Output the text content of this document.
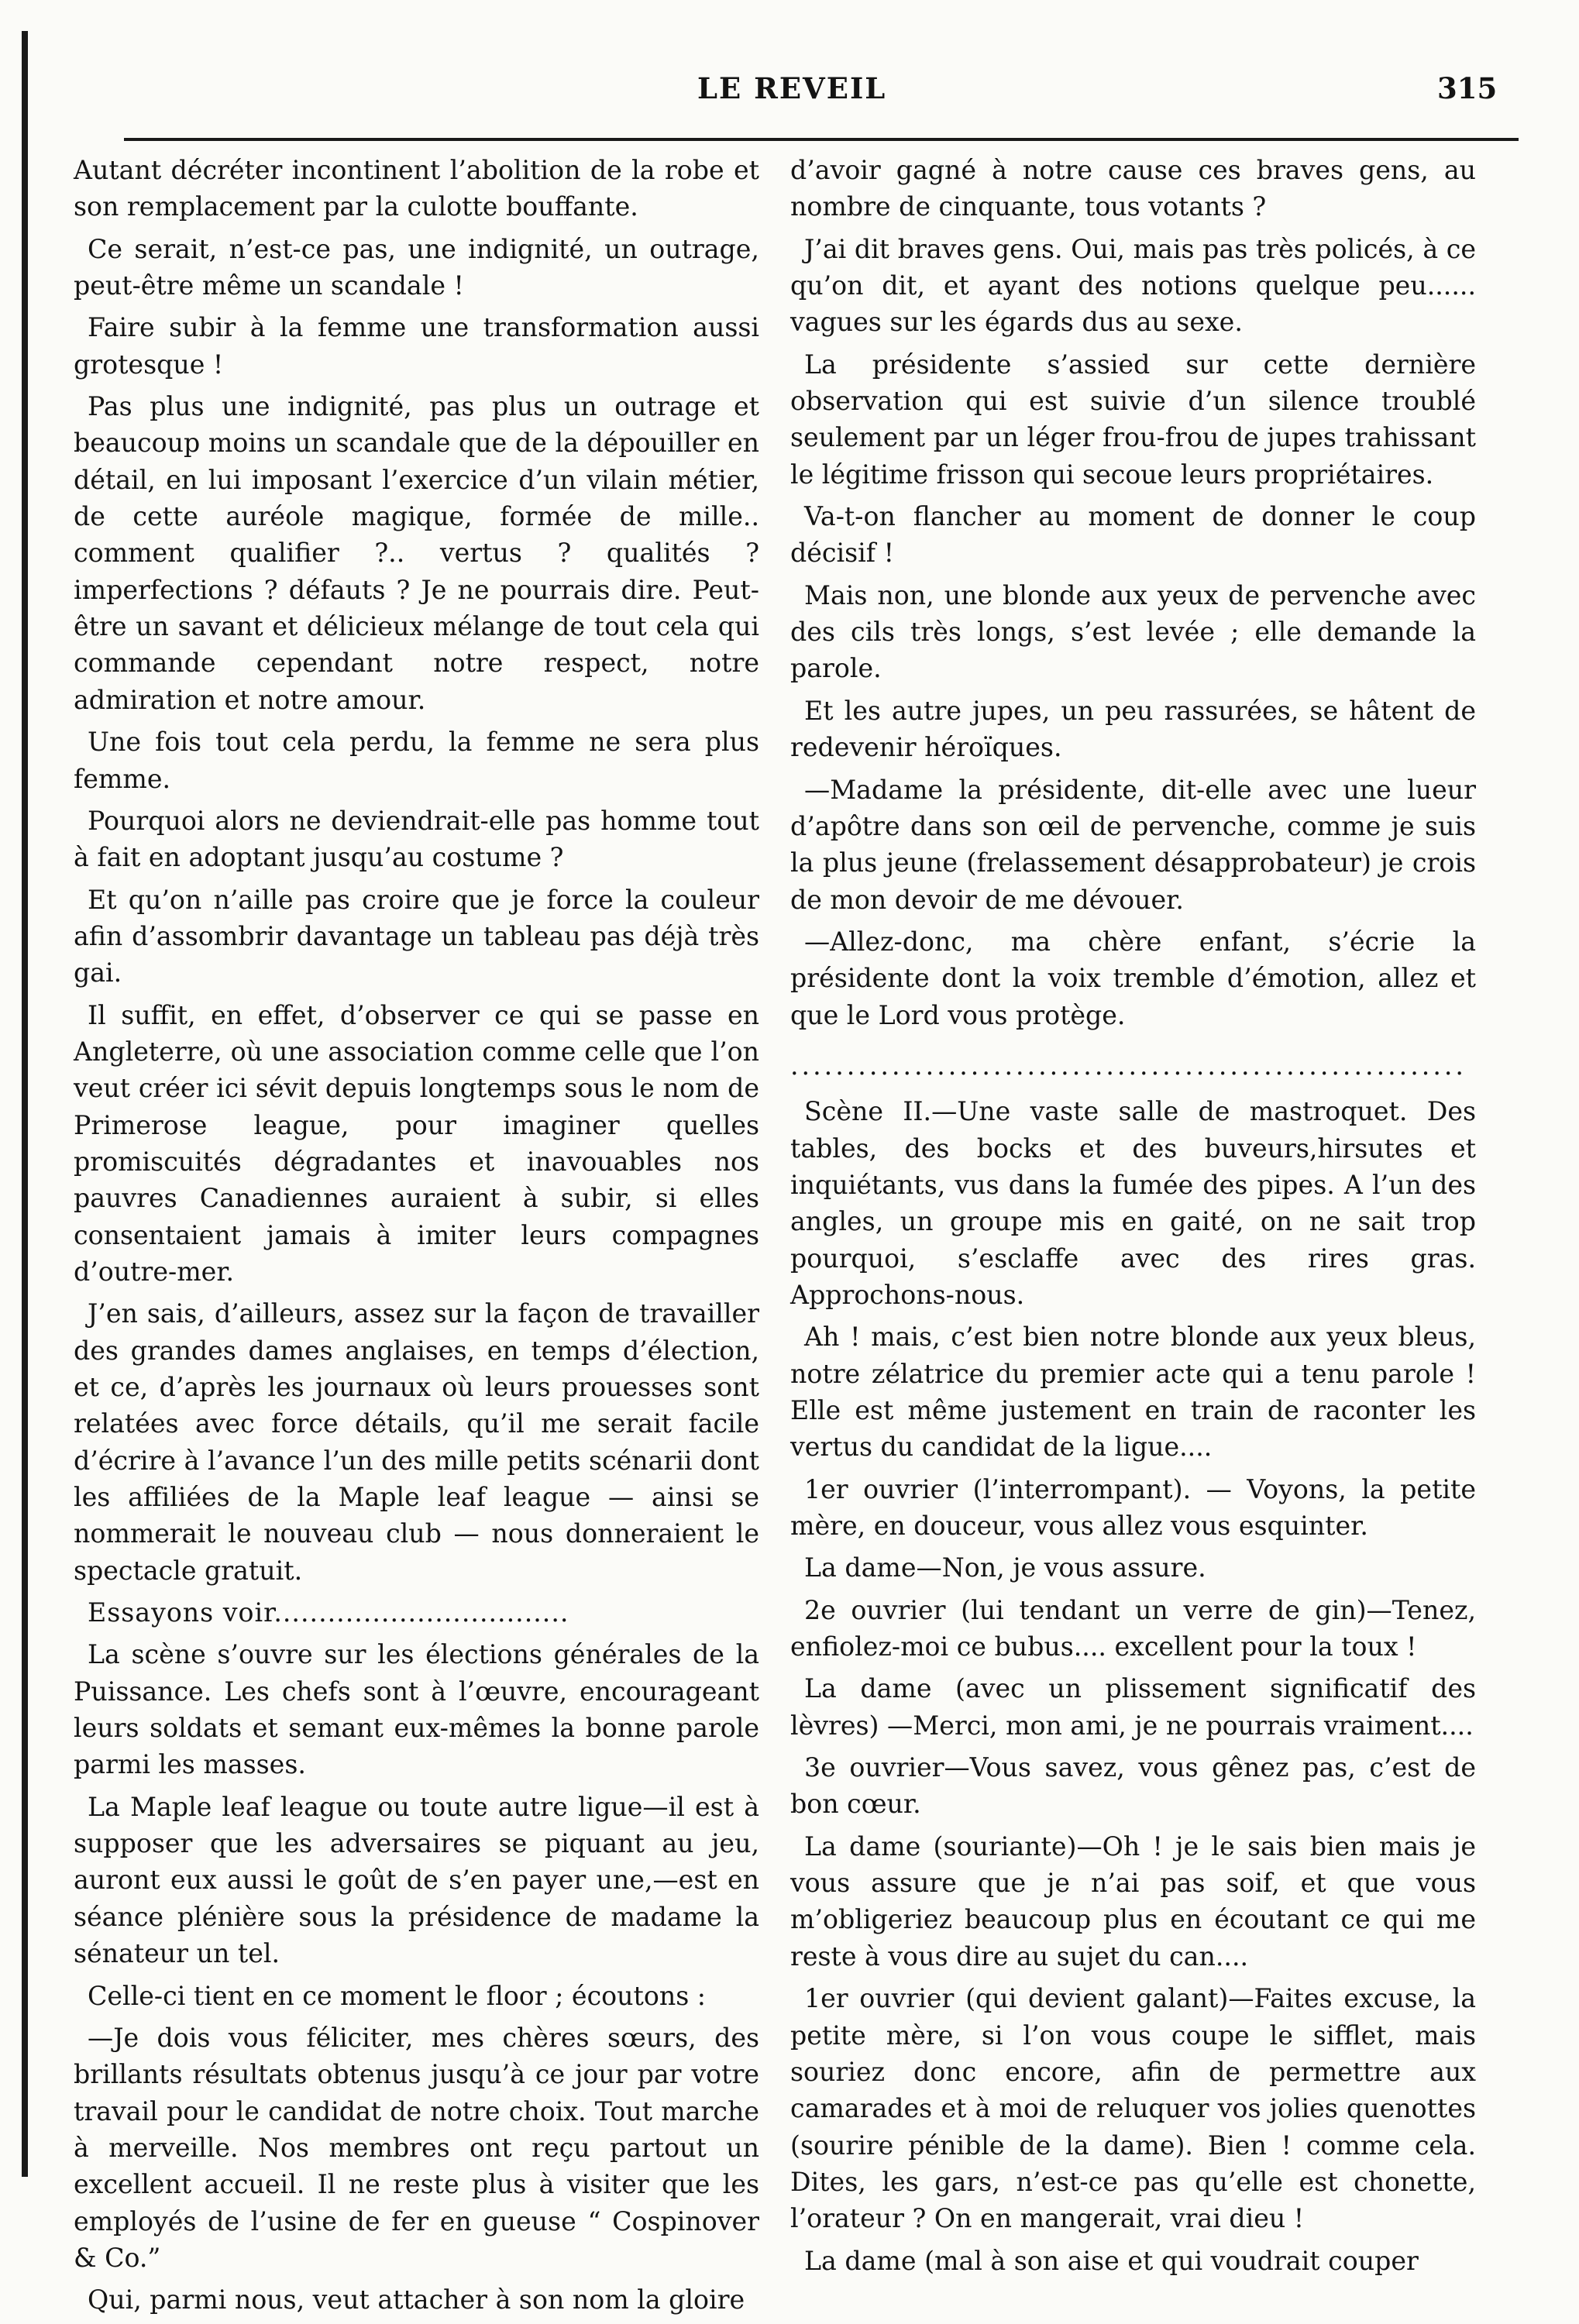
LE REVEIL	315

Autant décréter incontinent l’abolition de la robe et son remplacement par la culotte bouffante.

Ce serait, n’est-ce pas, une indignité, un outrage, peut-être même un scandale !

Faire subir à la femme une transformation aussi grotesque !

Pas plus une indignité, pas plus un outrage et beaucoup moins un scandale que de la dépouiller en détail, en lui imposant l’exercice d’un vilain métier, de cette auréole magique, formée de mille.. comment qualifier ?.. vertus ? qualités ? imperfections ? défauts ? Je ne pourrais dire. Peut-être un savant et délicieux mélange de tout cela qui commande cependant notre respect, notre admiration et notre amour.

Une fois tout cela perdu, la femme ne sera plus femme.

Pourquoi alors ne deviendrait-elle pas homme tout à fait en adoptant jusqu’au costume ?

Et qu’on n’aille pas croire que je force la couleur afin d’assombrir davantage un tableau pas déjà très gai.

Il suffit, en effet, d’observer ce qui se passe en Angleterre, où une association comme celle que l’on veut créer ici sévit depuis longtemps sous le nom de Primerose league, pour imaginer quelles promiscuités dégradantes et inavouables nos pauvres Canadiennes auraient à subir, si elles consentaient jamais à imiter leurs compagnes d’outre-mer.

J’en sais, d’ailleurs, assez sur la façon de travailler des grandes dames anglaises, en temps d’élection, et ce, d’après les journaux où leurs prouesses sont relatées avec force détails, qu’il me serait facile d’écrire à l’avance l’un des mille petits scénarii dont les affiliées de la Maple leaf league — ainsi se nommerait le nouveau club — nous donneraient le spectacle gratuit.

Essayons voir.................................

La scène s’ouvre sur les élections générales de la Puissance. Les chefs sont à l’œuvre, encourageant leurs soldats et semant eux-mêmes la bonne parole parmi les masses.

La Maple leaf league ou toute autre ligue—il est à supposer que les adversaires se piquant au jeu, auront eux aussi le goût de s’en payer une,—est en séance plénière sous la présidence de madame la sénateur un tel.

Celle-ci tient en ce moment le floor ; écoutons :

—Je dois vous féliciter, mes chères sœurs, des brillants résultats obtenus jusqu’à ce jour par votre travail pour le candidat de notre choix. Tout marche à merveille. Nos membres ont reçu partout un excellent accueil. Il ne reste plus à visiter que les employés de l’usine de fer en gueuse “ Cospinover & Co.”

Qui, parmi nous, veut attacher à son nom la gloire

d’avoir gagné à notre cause ces braves gens, au nombre de cinquante, tous votants ?

J’ai dit braves gens. Oui, mais pas très policés, à ce qu’on dit, et ayant des notions quelque peu...... vagues sur les égards dus au sexe.

La présidente s’assied sur cette dernière observation qui est suivie d’un silence troublé seulement par un léger frou-frou de jupes trahissant le légitime frisson qui secoue leurs propriétaires.

Va-t-on flancher au moment de donner le coup décisif !

Mais non, une blonde aux yeux de pervenche avec des cils très longs, s’est levée ; elle demande la parole.

Et les autre jupes, un peu rassurées, se hâtent de redevenir héroïques.

—Madame la présidente, dit-elle avec une lueur d’apôtre dans son œil de pervenche, comme je suis la plus jeune (frelassement désapprobateur) je crois de mon devoir de me dévouer.

—Allez-donc, ma chère enfant, s’écrie la présidente dont la voix tremble d’émotion, allez et que le Lord vous protège.

............................................................

Scène II.—Une vaste salle de mastroquet. Des tables, des bocks et des buveurs,hirsutes et inquiétants, vus dans la fumée des pipes. A l’un des angles, un groupe mis en gaité, on ne sait trop pourquoi, s’esclaffe avec des rires gras. Approchons-nous.

Ah ! mais, c’est bien notre blonde aux yeux bleus, notre zélatrice du premier acte qui a tenu parole ! Elle est même justement en train de raconter les vertus du candidat de la ligue....

1er ouvrier (l’interrompant). — Voyons, la petite mère, en douceur, vous allez vous esquinter.

La dame—Non, je vous assure.

2e ouvrier (lui tendant un verre de gin)—Tenez, enfiolez-moi ce bubus.... excellent pour la toux !

La dame (avec un plissement significatif des lèvres) —Merci, mon ami, je ne pourrais vraiment....

3e ouvrier—Vous savez, vous gênez pas, c’est de bon cœur.

La dame (souriante)—Oh ! je le sais bien mais je vous assure que je n’ai pas soif, et que vous m’obligeriez beaucoup plus en écoutant ce qui me reste à vous dire au sujet du can....

1er ouvrier (qui devient galant)—Faites excuse, la petite mère, si l’on vous coupe le sifflet, mais souriez donc encore, afin de permettre aux camarades et à moi de reluquer vos jolies quenottes (sourire pénible de la dame). Bien ! comme cela. Dites, les gars, n’est-ce pas qu’elle est chonette, l’orateur ? On en mangerait, vrai dieu !

La dame (mal à son aise et qui voudrait couper
